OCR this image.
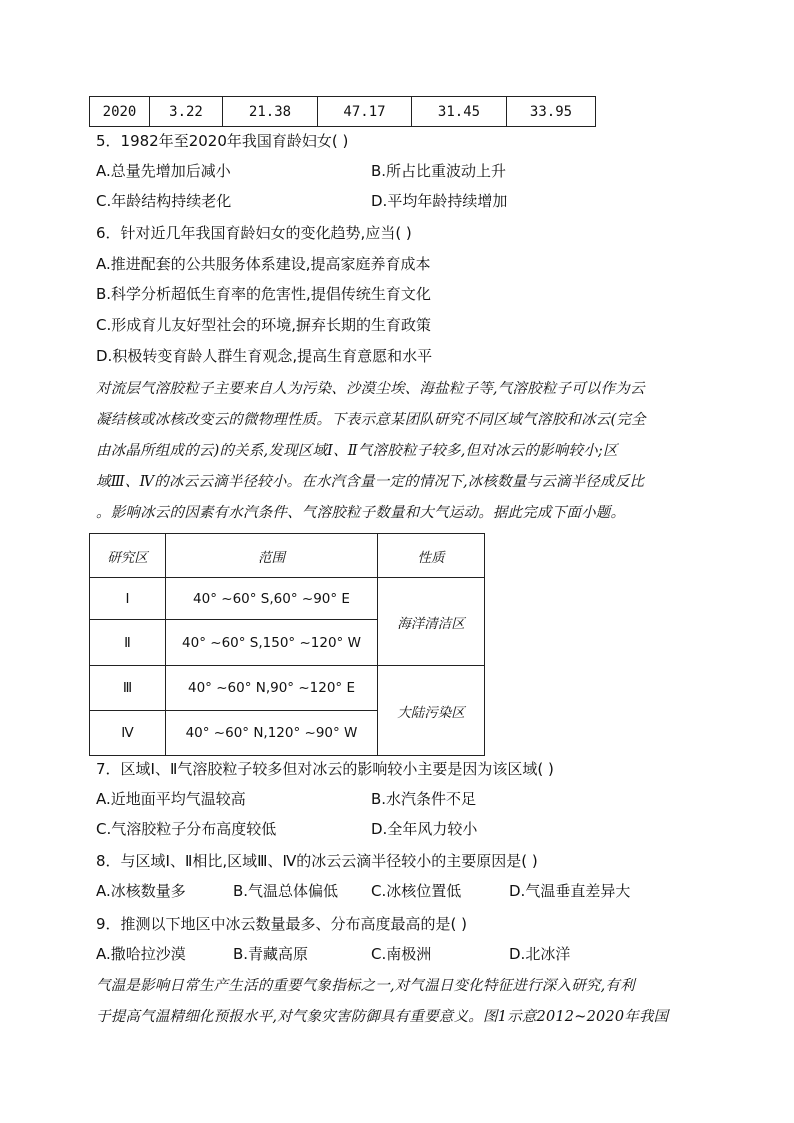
2020	3.22	21.38	47.17	31.45	33.95
5．1982年至2020年我国育龄妇女( )
A.总量先增加后减小	B.所占比重波动上升
C.年龄结构持续老化	D.平均年龄持续增加
6．针对近几年我国育龄妇女的变化趋势,应当( )
A.推进配套的公共服务体系建设,提高家庭养育成本
B.科学分析超低生育率的危害性,提倡传统生育文化
C.形成育儿友好型社会的环境,摒弃长期的生育政策
D.积极转变育龄人群生育观念,提高生育意愿和水平
对流层气溶胶粒子主要来自人为污染、沙漠尘埃、海盐粒子等,气溶胶粒子可以作为云
凝结核或冰核改变云的微物理性质。下表示意某团队研究不同区域气溶胶和冰云(完全
由冰晶所组成的云)的关系,发现区域Ⅰ、Ⅱ气溶胶粒子较多,但对冰云的影响较小;区
域Ⅲ、Ⅳ的冰云云滴半径较小。在水汽含量一定的情况下,冰核数量与云滴半径成反比
。影响冰云的因素有水汽条件、气溶胶粒子数量和大气运动。据此完成下面小题。
研究区	范围	性质
Ⅰ	40° ~60° S,60° ~90° E	海洋清洁区
Ⅱ	40° ~60° S,150° ~120° W	
Ⅲ	40° ~60° N,90° ~120° E	大陆污染区
Ⅳ	40° ~60° N,120° ~90° W	
7．区域Ⅰ、Ⅱ气溶胶粒子较多但对冰云的影响较小主要是因为该区域( )
A.近地面平均气温较高	B.水汽条件不足
C.气溶胶粒子分布高度较低	D.全年风力较小
8．与区域Ⅰ、Ⅱ相比,区域Ⅲ、Ⅳ的冰云云滴半径较小的主要原因是( )
A.冰核数量多	B.气温总体偏低 C.冰核位置低	D.气温垂直差异大
9．推测以下地区中冰云数量最多、分布高度最高的是( )
A.撒哈拉沙漠	B.青藏高原	C.南极洲	D.北冰洋
气温是影响日常生产生活的重要气象指标之一,对气温日变化特征进行深入研究,有利
于提高气温精细化预报水平,对气象灾害防御具有重要意义。图1示意2012~2020年我国
